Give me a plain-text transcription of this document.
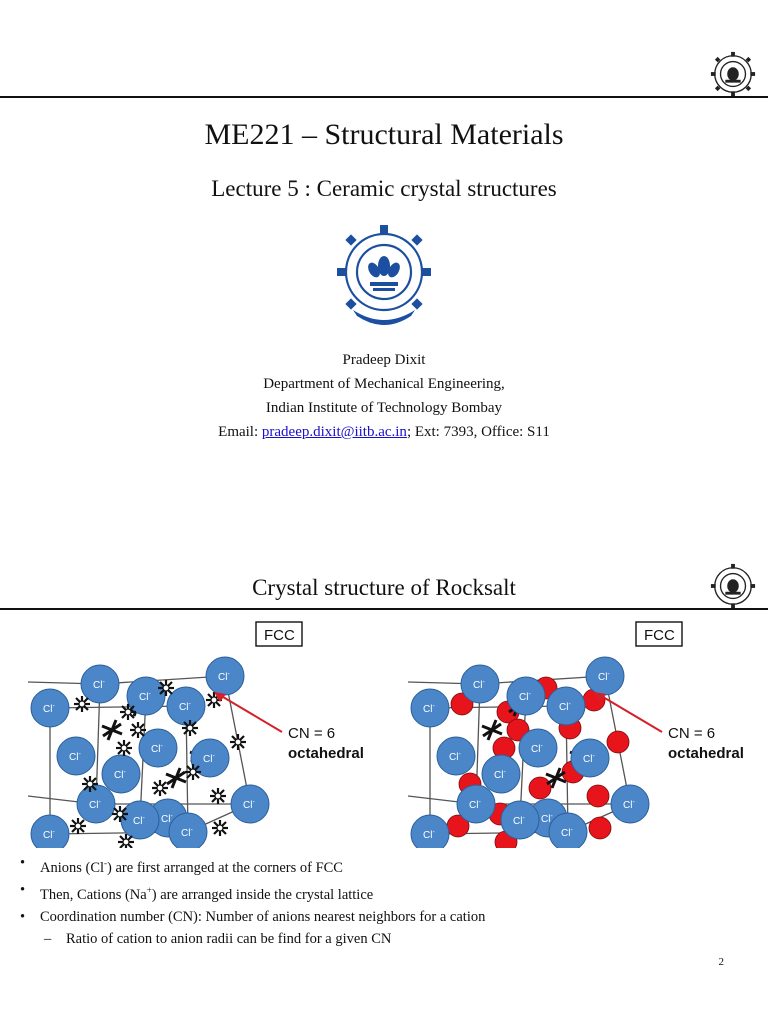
ME221 – Structural Materials
Lecture 5 : Ceramic crystal structures
Pradeep Dixit
Department of Mechanical Engineering,
Indian Institute of Technology Bombay
Email: pradeep.dixit@iitb.ac.in; Ext: 7393, Office: S11
Crystal structure of Rocksalt
Cl-	Cl-
Cl-
Cl-
Cl-
Cl-	Cl-
Cl-
Cl-
Cl-
Cl-
Cl-
Cl-
Cl-
Cl-
FCC
CN = 6
octahedral
Cl-	Cl-
Cl-
Cl-
Cl-
Cl-	Cl-
Cl-
Cl-
Cl-
Cl-
Cl-
Cl-
Cl-
Cl-
FCC
CN = 6
octahedral
• Anions (Cl-) are first arranged at the corners of FCC
• Then, Cations (Na+) are arranged inside the crystal lattice
• Coordination number (CN): Number of anions nearest neighbors for a cation
– Ratio of cation to anion radii can be find for a given CN
2
